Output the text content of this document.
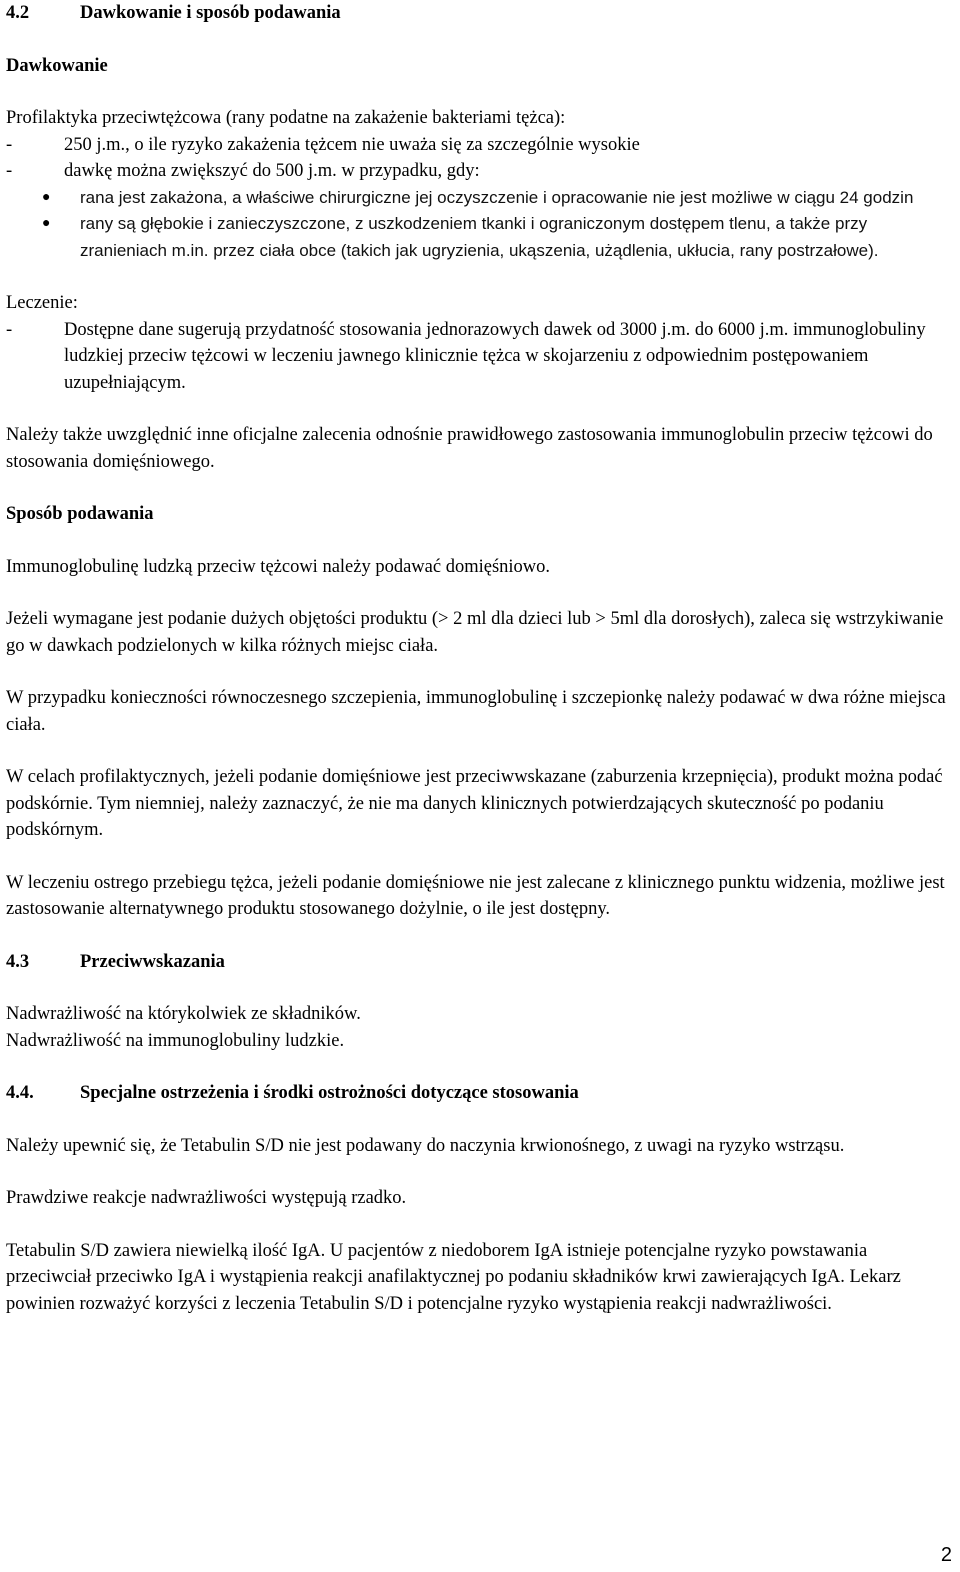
4.2	Dawkowanie i sposób podawania

Dawkowanie

Profilaktyka przeciwtężcowa (rany podatne na zakażenie bakteriami tężca):

-	250 j.m., o ile ryzyko zakażenia tężcem nie uważa się za szczególnie wysokie
-	dawkę można zwiększyć do 500 j.m. w przypadku, gdy:
●	rana jest zakażona, a właściwe chirurgiczne jej oczyszczenie i opracowanie nie jest możliwe w ciągu 24 godzin
●	rany są głębokie i zanieczyszczone, z uszkodzeniem tkanki i ograniczonym dostępem tlenu, a także przy zranieniach m.in. przez ciała obce (takich jak ugryzienia, ukąszenia, użądlenia, ukłucia, rany postrzałowe).

Leczenie:

-	Dostępne dane sugerują przydatność stosowania jednorazowych dawek od 3000 j.m. do 6000 j.m. immunoglobuliny ludzkiej przeciw tężcowi w leczeniu jawnego klinicznie tężca w skojarzeniu z odpowiednim postępowaniem uzupełniającym.

Należy także uwzględnić inne oficjalne zalecenia odnośnie prawidłowego zastosowania immunoglobulin przeciw tężcowi do stosowania domięśniowego.

Sposób podawania

Immunoglobulinę ludzką przeciw tężcowi należy podawać domięśniowo.

Jeżeli wymagane jest podanie dużych objętości produktu (> 2 ml dla dzieci lub > 5ml dla dorosłych), zaleca się wstrzykiwanie go w dawkach podzielonych w kilka różnych miejsc ciała.

W przypadku konieczności równoczesnego szczepienia, immunoglobulinę i szczepionkę należy podawać w dwa różne miejsca ciała.

W celach profilaktycznych, jeżeli podanie domięśniowe jest przeciwwskazane (zaburzenia krzepnięcia), produkt można podać podskórnie. Tym niemniej, należy zaznaczyć, że nie ma danych klinicznych potwierdzających skuteczność po podaniu podskórnym.

W leczeniu ostrego przebiegu tężca, jeżeli podanie domięśniowe nie jest zalecane z klinicznego punktu widzenia, możliwe jest zastosowanie alternatywnego produktu stosowanego dożylnie, o ile jest dostępny.

4.3	Przeciwwskazania

Nadwrażliwość na którykolwiek ze składników.

Nadwrażliwość na immunoglobuliny ludzkie.

4.4.	Specjalne ostrzeżenia i środki ostrożności dotyczące stosowania

Należy upewnić się, że Tetabulin S/D nie jest podawany do naczynia krwionośnego, z uwagi na ryzyko wstrząsu.

Prawdziwe reakcje nadwrażliwości występują rzadko.

Tetabulin S/D zawiera niewielką ilość IgA. U pacjentów z niedoborem IgA istnieje potencjalne ryzyko powstawania przeciwciał przeciwko IgA i wystąpienia reakcji anafilaktycznej po podaniu składników krwi zawierających IgA. Lekarz powinien rozważyć korzyści z leczenia Tetabulin S/D i potencjalne ryzyko wystąpienia reakcji nadwrażliwości.

2
